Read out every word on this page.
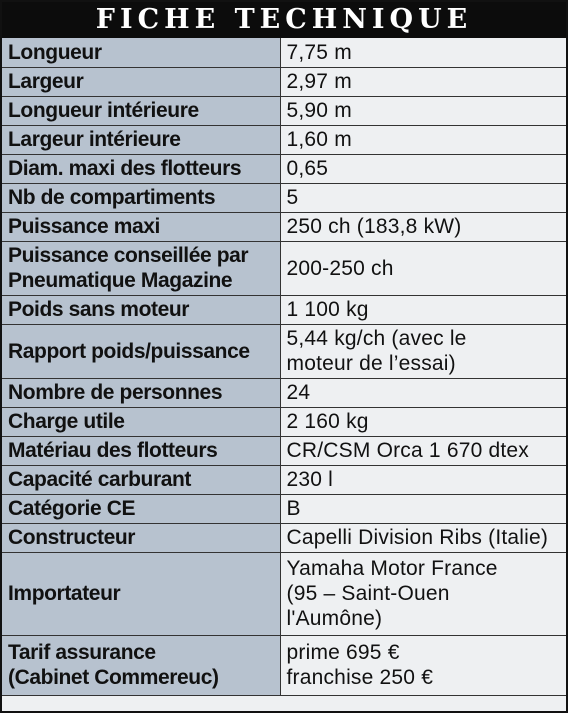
FICHE TECHNIQUE
Longueur	7,75 m

Largeur	2,97 m

Longueur intérieure	5,90 m

Largeur intérieure	1,60 m

Diam. maxi des flotteurs	0,65

Nb de compartiments	5

Puissance maxi	250 ch (183,8 kW)

Puissance conseillée par
Pneumatique Magazine	200-250 ch

Poids sans moteur	1 100 kg

Rapport poids/puissance	5,44 kg/ch (avec le
moteur de l’essai)

Nombre de personnes	24

Charge utile	2 160 kg

Matériau des flotteurs	CR/CSM Orca 1 670 dtex

Capacité carburant	230 l

Catégorie CE	B

Constructeur	Capelli Division Ribs (Italie)

Importateur	Yamaha Motor France
(95 – Saint-Ouen
l'Aumône)

Tarif assurance
(Cabinet Commereuc)	prime 695 €
franchise 250 €
